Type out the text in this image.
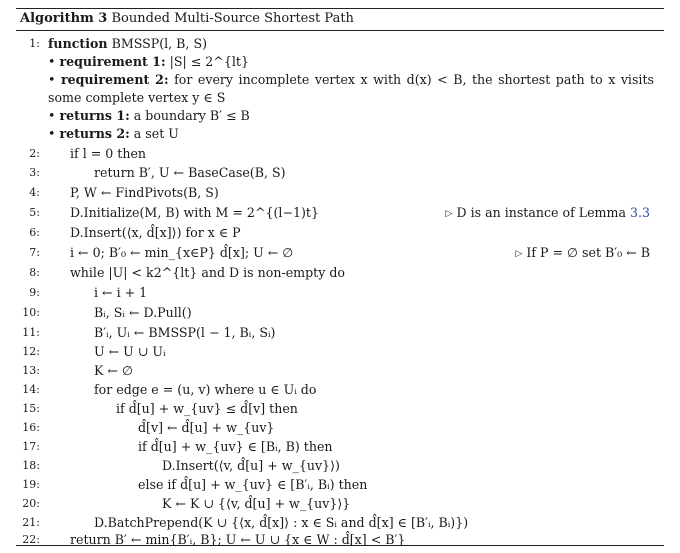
Algorithm 3 Bounded Multi-Source Shortest Path
1: function BMSSP(l, B, S)
• requirement 1: |S| ≤ 2^{lt}
• requirement 2: for every incomplete vertex x with d(x) < B, the shortest path to x visits some complete vertex y ∈ S
• returns 1: a boundary B′ ≤ B
• returns 2: a set U
2: if l = 0 then
3:	return B′, U ← BaseCase(B, S)
4: P, W ← FindPivots(B, S)
5: D.Initialize(M, B) with M = 2^{(l−1)t}	▷ D is an instance of Lemma 3.3
6: D.Insert(⟨x, d̂[x]⟩) for x ∈ P
7: i ← 0; B′₀ ← min_{x∈P} d̂[x]; U ← ∅	▷ If P = ∅ set B′₀ ← B
8: while |U| < k2^{lt} and D is non-empty do
9:	i ← i + 1
10:	Bᵢ, Sᵢ ← D.Pull()
11:	B′ᵢ, Uᵢ ← BMSSP(l − 1, Bᵢ, Sᵢ)
12:	U ← U ∪ Uᵢ
13:	K ← ∅
14:	for edge e = (u, v) where u ∈ Uᵢ do
15:	if d̂[u] + w_{uv} ≤ d̂[v] then
16:	d̂[v] ← d̂[u] + w_{uv}
17:	if d̂[u] + w_{uv} ∈ [Bᵢ, B) then
18:	D.Insert(⟨v, d̂[u] + w_{uv}⟩)
19:	else if d̂[u] + w_{uv} ∈ [B′ᵢ, Bᵢ) then
20:	K ← K ∪ {⟨v, d̂[u] + w_{uv}⟩}
21:	D.BatchPrepend(K ∪ {⟨x, d̂[x]⟩ : x ∈ Sᵢ and d̂[x] ∈ [B′ᵢ, Bᵢ)})
22: return B′ ← min{B′ᵢ, B}; U ← U ∪ {x ∈ W : d̂[x] < B′}
